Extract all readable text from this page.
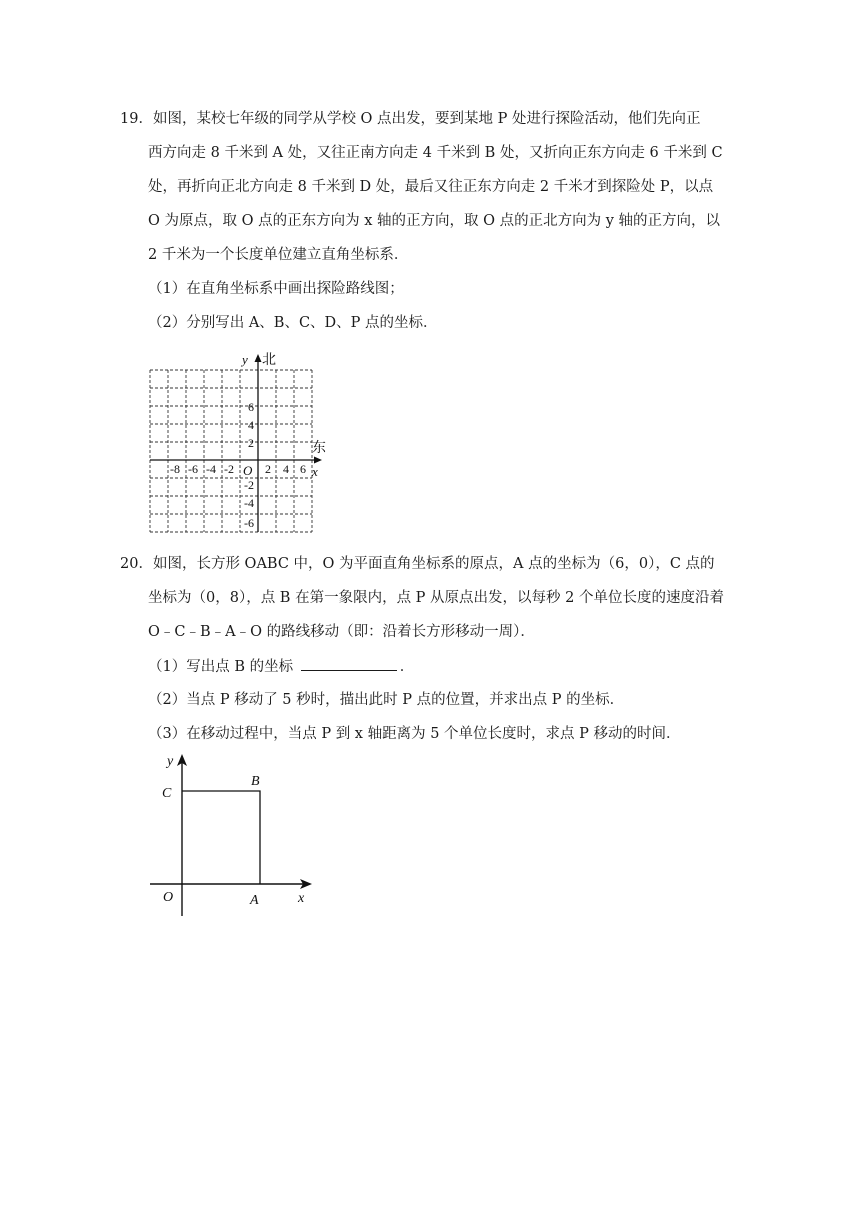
19．如图，某校七年级的同学从学校 O 点出发，要到某地 P 处进行探险活动，他们先向正
西方向走 8 千米到 A 处，又往正南方向走 4 千米到 B 处，又折向正东方向走 6 千米到 C
处，再折向正北方向走 8 千米到 D 处，最后又往正东方向走 2 千米才到探险处 P，以点
O 为原点，取 O 点的正东方向为 x 轴的正方向，取 O 点的正北方向为 y 轴的正方向，以
2 千米为一个长度单位建立直角坐标系．
（1）在直角坐标系中画出探险路线图；
（2）分别写出 A、B、C、D、P 点的坐标．
北
y
东
x
O
-8 -6 -4 -2	2 4 6
6
4
2
-2
-4
-6
20．如图，长方形 OABC 中，O 为平面直角坐标系的原点，A 点的坐标为（6，0），C 点的
坐标为（0，8），点 B 在第一象限内，点 P 从原点出发，以每秒 2 个单位长度的速度沿着
O﹣C﹣B﹣A﹣O 的路线移动（即：沿着长方形移动一周）．
（1）写出点 B 的坐标	．
（2）当点 P 移动了 5 秒时，描出此时 P 点的位置，并求出点 P 的坐标．
（3）在移动过程中，当点 P 到 x 轴距离为 5 个单位长度时，求点 P 移动的时间．
y
x
C
B
O	A
